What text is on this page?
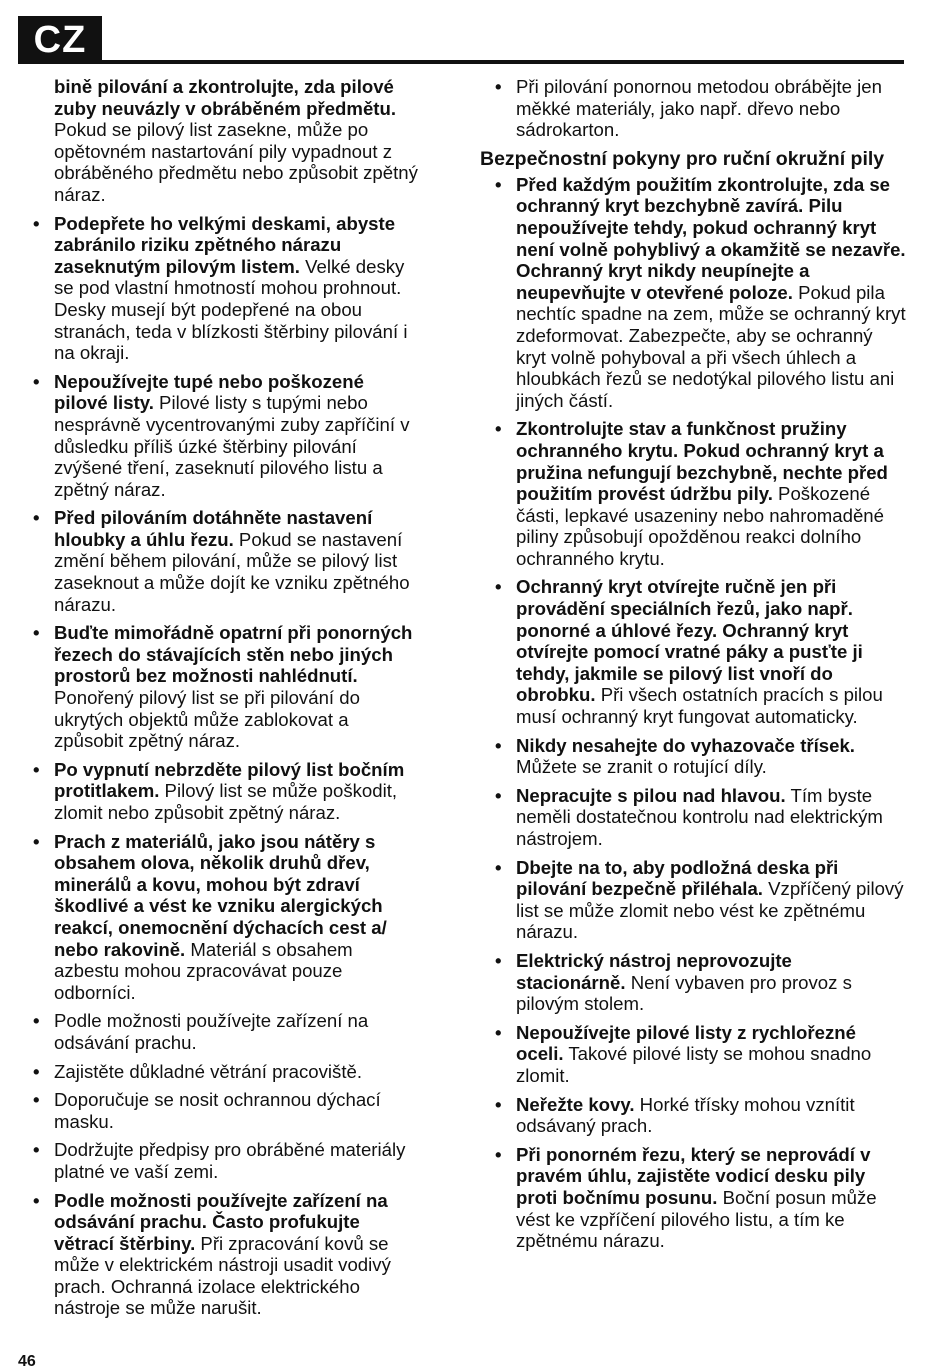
CZ
bině pilování a zkontrolujte, zda pilové zuby neuvázly v obráběném předmětu. Pokud se pilový list zasekne, může po opětovném nastartování pily vypadnout z obráběného předmětu nebo způsobit zpětný náraz.
• Podepřete ho velkými deskami, abyste zabránilo riziku zpětného nárazu zaseknutým pilovým listem. Velké desky se pod vlastní hmotností mohou prohnout. Desky musejí být podepřené na obou stranách, teda v blízkosti štěrbiny pilování i na okraji.
• Nepoužívejte tupé nebo poškozené pilové listy. Pilové listy s tupými nebo nesprávně vycentrovanými zuby zapříčiní v důsledku příliš úzké štěrbiny pilování zvýšené tření, zaseknutí pilového listu a zpětný náraz.
• Před pilováním dotáhněte nastavení hloubky a úhlu řezu. Pokud se nastavení změní během pilování, může se pilový list zaseknout a může dojít ke vzniku zpětného nárazu.
• Buďte mimořádně opatrní při ponorných řezech do stávajících stěn nebo jiných prostorů bez možnosti nahlédnutí. Ponořený pilový list se při pilování do ukrytých objektů může zablokovat a způsobit zpětný náraz.
• Po vypnutí nebrzděte pilový list bočním protitlakem. Pilový list se může poškodit, zlomit nebo způsobit zpětný náraz.
• Prach z materiálů, jako jsou nátěry s obsahem olova, několik druhů dřev, minerálů a kovu, mohou být zdraví škodlivé a vést ke vzniku alergických reakcí, onemocnění dýchacích cest a/ nebo rakovině. Materiál s obsahem azbestu mohou zpracovávat pouze odborníci.
• Podle možnosti používejte zařízení na odsávání prachu.
• Zajistěte důkladné větrání pracoviště.
• Doporučuje se nosit ochrannou dýchací masku.
• Dodržujte předpisy pro obráběné materiály platné ve vaší zemi.
• Podle možnosti používejte zařízení na odsávání prachu. Často profukujte větrací štěrbiny. Při zpracování kovů se může v elektrickém nástroji usadit vodivý prach. Ochranná izolace elektrického nástroje se může narušit.
• Při pilování ponornou metodou obrábějte jen měkké materiály, jako např. dřevo nebo sádrokarton.
Bezpečnostní pokyny pro ruční okružní pily
• Před každým použitím zkontrolujte, zda se ochranný kryt bezchybně zavírá. Pilu nepoužívejte tehdy, pokud ochranný kryt není volně pohyblivý a okamžitě se nezavře. Ochranný kryt nikdy neupínejte a neupevňujte v otevřené poloze. Pokud pila nechtíc spadne na zem, může se ochranný kryt zdeformovat. Zabezpečte, aby se ochranný kryt volně pohyboval a při všech úhlech a hloubkách řezů se nedotýkal pilového listu ani jiných částí.
• Zkontrolujte stav a funkčnost pružiny ochranného krytu. Pokud ochranný kryt a pružina nefungují bezchybně, nechte před použitím provést údržbu pily. Poškozené části, lepkavé usazeniny nebo nahromaděné piliny způsobují opožděnou reakci dolního ochranného krytu.
• Ochranný kryt otvírejte ručně jen při provádění speciálních řezů, jako např. ponorné a úhlové řezy. Ochranný kryt otvírejte pomocí vratné páky a pusťte ji tehdy, jakmile se pilový list vnoří do obrobku. Při všech ostatních pracích s pilou musí ochranný kryt fungovat automaticky.
• Nikdy nesahejte do vyhazovače třísek. Můžete se zranit o rotující díly.
• Nepracujte s pilou nad hlavou. Tím byste neměli dostatečnou kontrolu nad elektrickým nástrojem.
• Dbejte na to, aby podložná deska při pilování bezpečně přiléhala. Vzpříčený pilový list se může zlomit nebo vést ke zpětnému nárazu.
• Elektrický nástroj neprovozujte stacionárně. Není vybaven pro provoz s pilovým stolem.
• Nepoužívejte pilové listy z rychlořezné oceli. Takové pilové listy se mohou snadno zlomit.
• Neřežte kovy. Horké třísky mohou vznítit odsávaný prach.
• Při ponorném řezu, který se neprovádí v pravém úhlu, zajistěte vodicí desku pily proti bočnímu posunu. Boční posun může vést ke vzpříčení pilového listu, a tím ke zpětnému nárazu.
46
